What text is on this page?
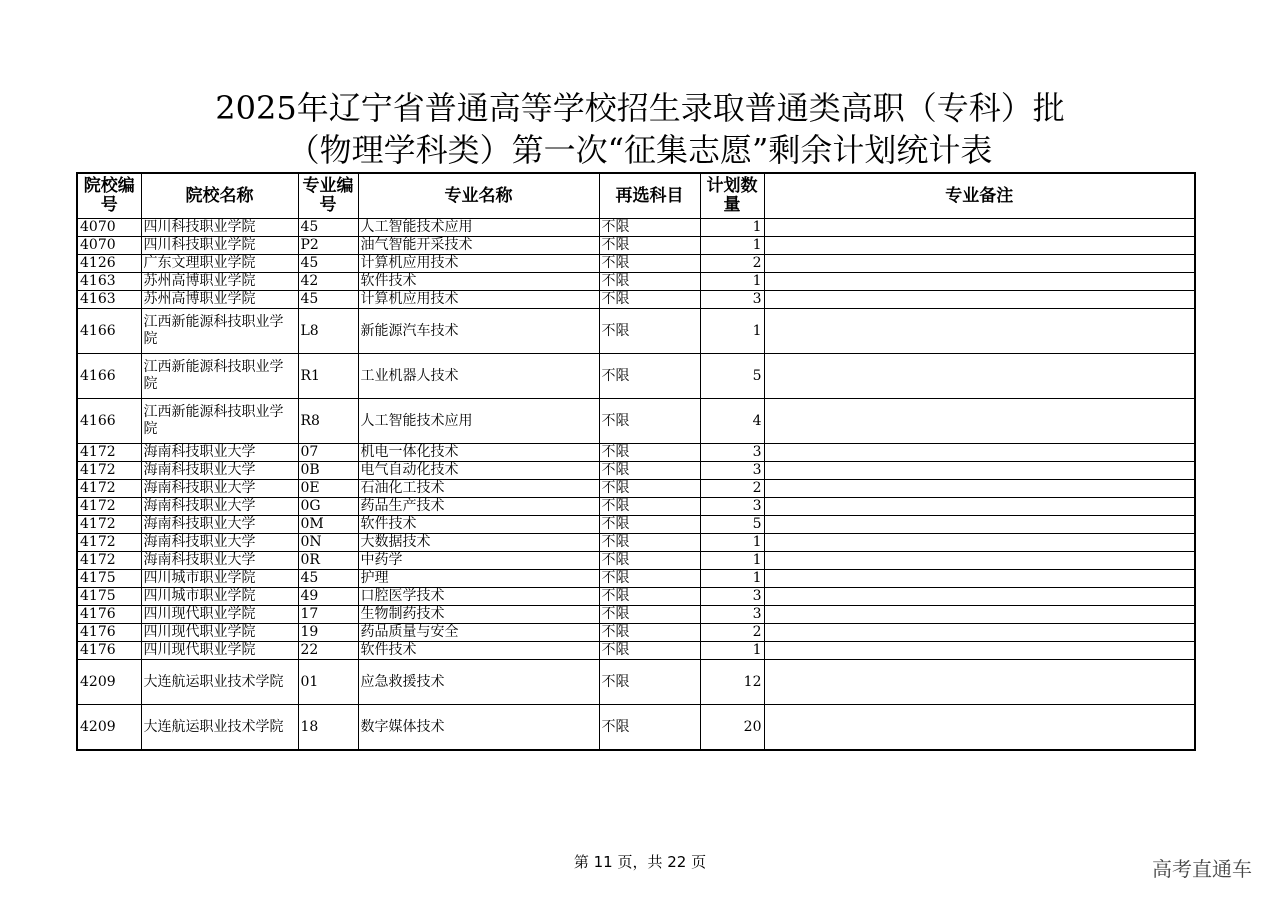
2025年辽宁省普通高等学校招生录取普通类高职（专科）批
（物理学科类）第一次“征集志愿”剩余计划统计表
院校编号	院校名称	专业编号	专业名称	再选科目	计划数量	专业备注
4070	四川科技职业学院	45	人工智能技术应用	不限	1	
4070	四川科技职业学院	P2	油气智能开采技术	不限	1	
4126	广东文理职业学院	45	计算机应用技术	不限	2	
4163	苏州高博职业学院	42	软件技术	不限	1	
4163	苏州高博职业学院	45	计算机应用技术	不限	3	
4166	江西新能源科技职业学院	L8	新能源汽车技术	不限	1	
4166	江西新能源科技职业学院	R1	工业机器人技术	不限	5	
4166	江西新能源科技职业学院	R8	人工智能技术应用	不限	4	
4172	海南科技职业大学	07	机电一体化技术	不限	3	
4172	海南科技职业大学	0B	电气自动化技术	不限	3	
4172	海南科技职业大学	0E	石油化工技术	不限	2	
4172	海南科技职业大学	0G	药品生产技术	不限	3	
4172	海南科技职业大学	0M	软件技术	不限	5	
4172	海南科技职业大学	0N	大数据技术	不限	1	
4172	海南科技职业大学	0R	中药学	不限	1	
4175	四川城市职业学院	45	护理	不限	1	
4175	四川城市职业学院	49	口腔医学技术	不限	3	
4176	四川现代职业学院	17	生物制药技术	不限	3	
4176	四川现代职业学院	19	药品质量与安全	不限	2	
4176	四川现代职业学院	22	软件技术	不限	1	
4209	大连航运职业技术学院	01	应急救援技术	不限	12	
4209	大连航运职业技术学院	18	数字媒体技术	不限	20	
第 11 页，共 22 页	高考直通车
